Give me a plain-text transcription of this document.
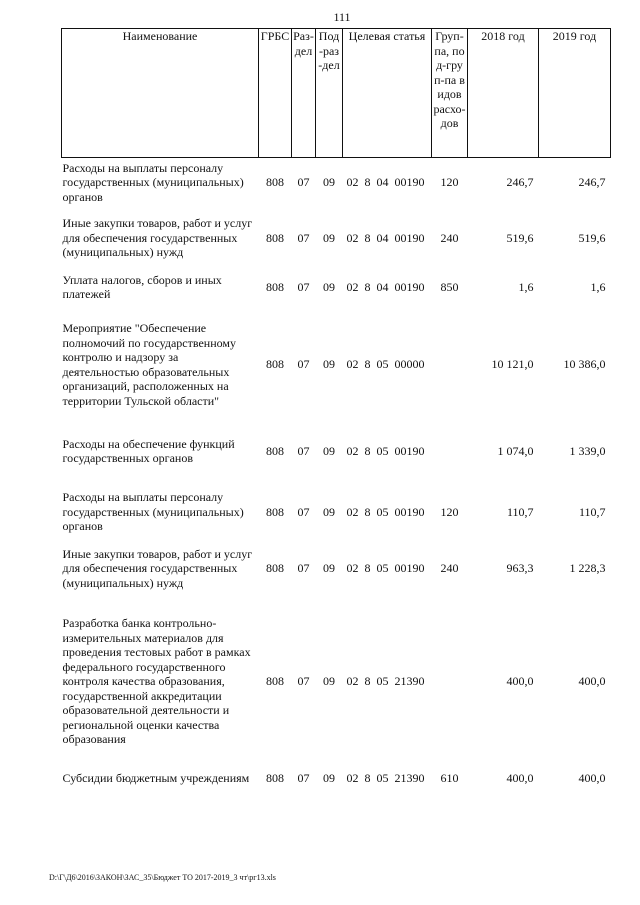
111
Наименование	ГРБС	Раз-дел	Под-раз-дел	Целевая статья	Груп-па, под-груп-па видов расхо-дов	2018 год	2019 год
Расходы на выплаты персоналу государственных (муниципальных) органов	808	07	09	02  8  04  00190	120	246,7	246,7
Иные закупки товаров, работ и услуг для обеспечения государственных (муниципальных) нужд	808	07	09	02  8  04  00190	240	519,6	519,6
Уплата налогов, сборов и иных платежей	808	07	09	02  8  04  00190	850	1,6	1,6

Мероприятие "Обеспечение полномочий по государственному контролю и надзору за деятельностью образовательных организаций, расположенных на территории Тульской области"	808	07	09	02  8  05  00000		10 121,0	10 386,0

Расходы на обеспечение функций государственных органов	808	07	09	02  8  05  00190		1 074,0	1 339,0

Расходы на выплаты персоналу государственных (муниципальных) органов	808	07	09	02  8  05  00190	120	110,7	110,7
Иные закупки товаров, работ и услуг для обеспечения государственных (муниципальных) нужд	808	07	09	02  8  05  00190	240	963,3	1 228,3
Разработка банка контрольно-измерительных материалов для проведения тестовых работ в рамках федерального государственного контроля качества образования, государственной аккредитации образовательной деятельности и региональной оценки качества образования	808	07	09	02  8  05  21390		400,0	400,0
Субсидии бюджетным учреждениям	808	07	09	02  8  05  21390	610	400,0	400,0
D:\Г\Д6\2016\ЗАКОН\ЗАС_35\Бюджет ТО 2017-2019_3 чт\рг13.xls
